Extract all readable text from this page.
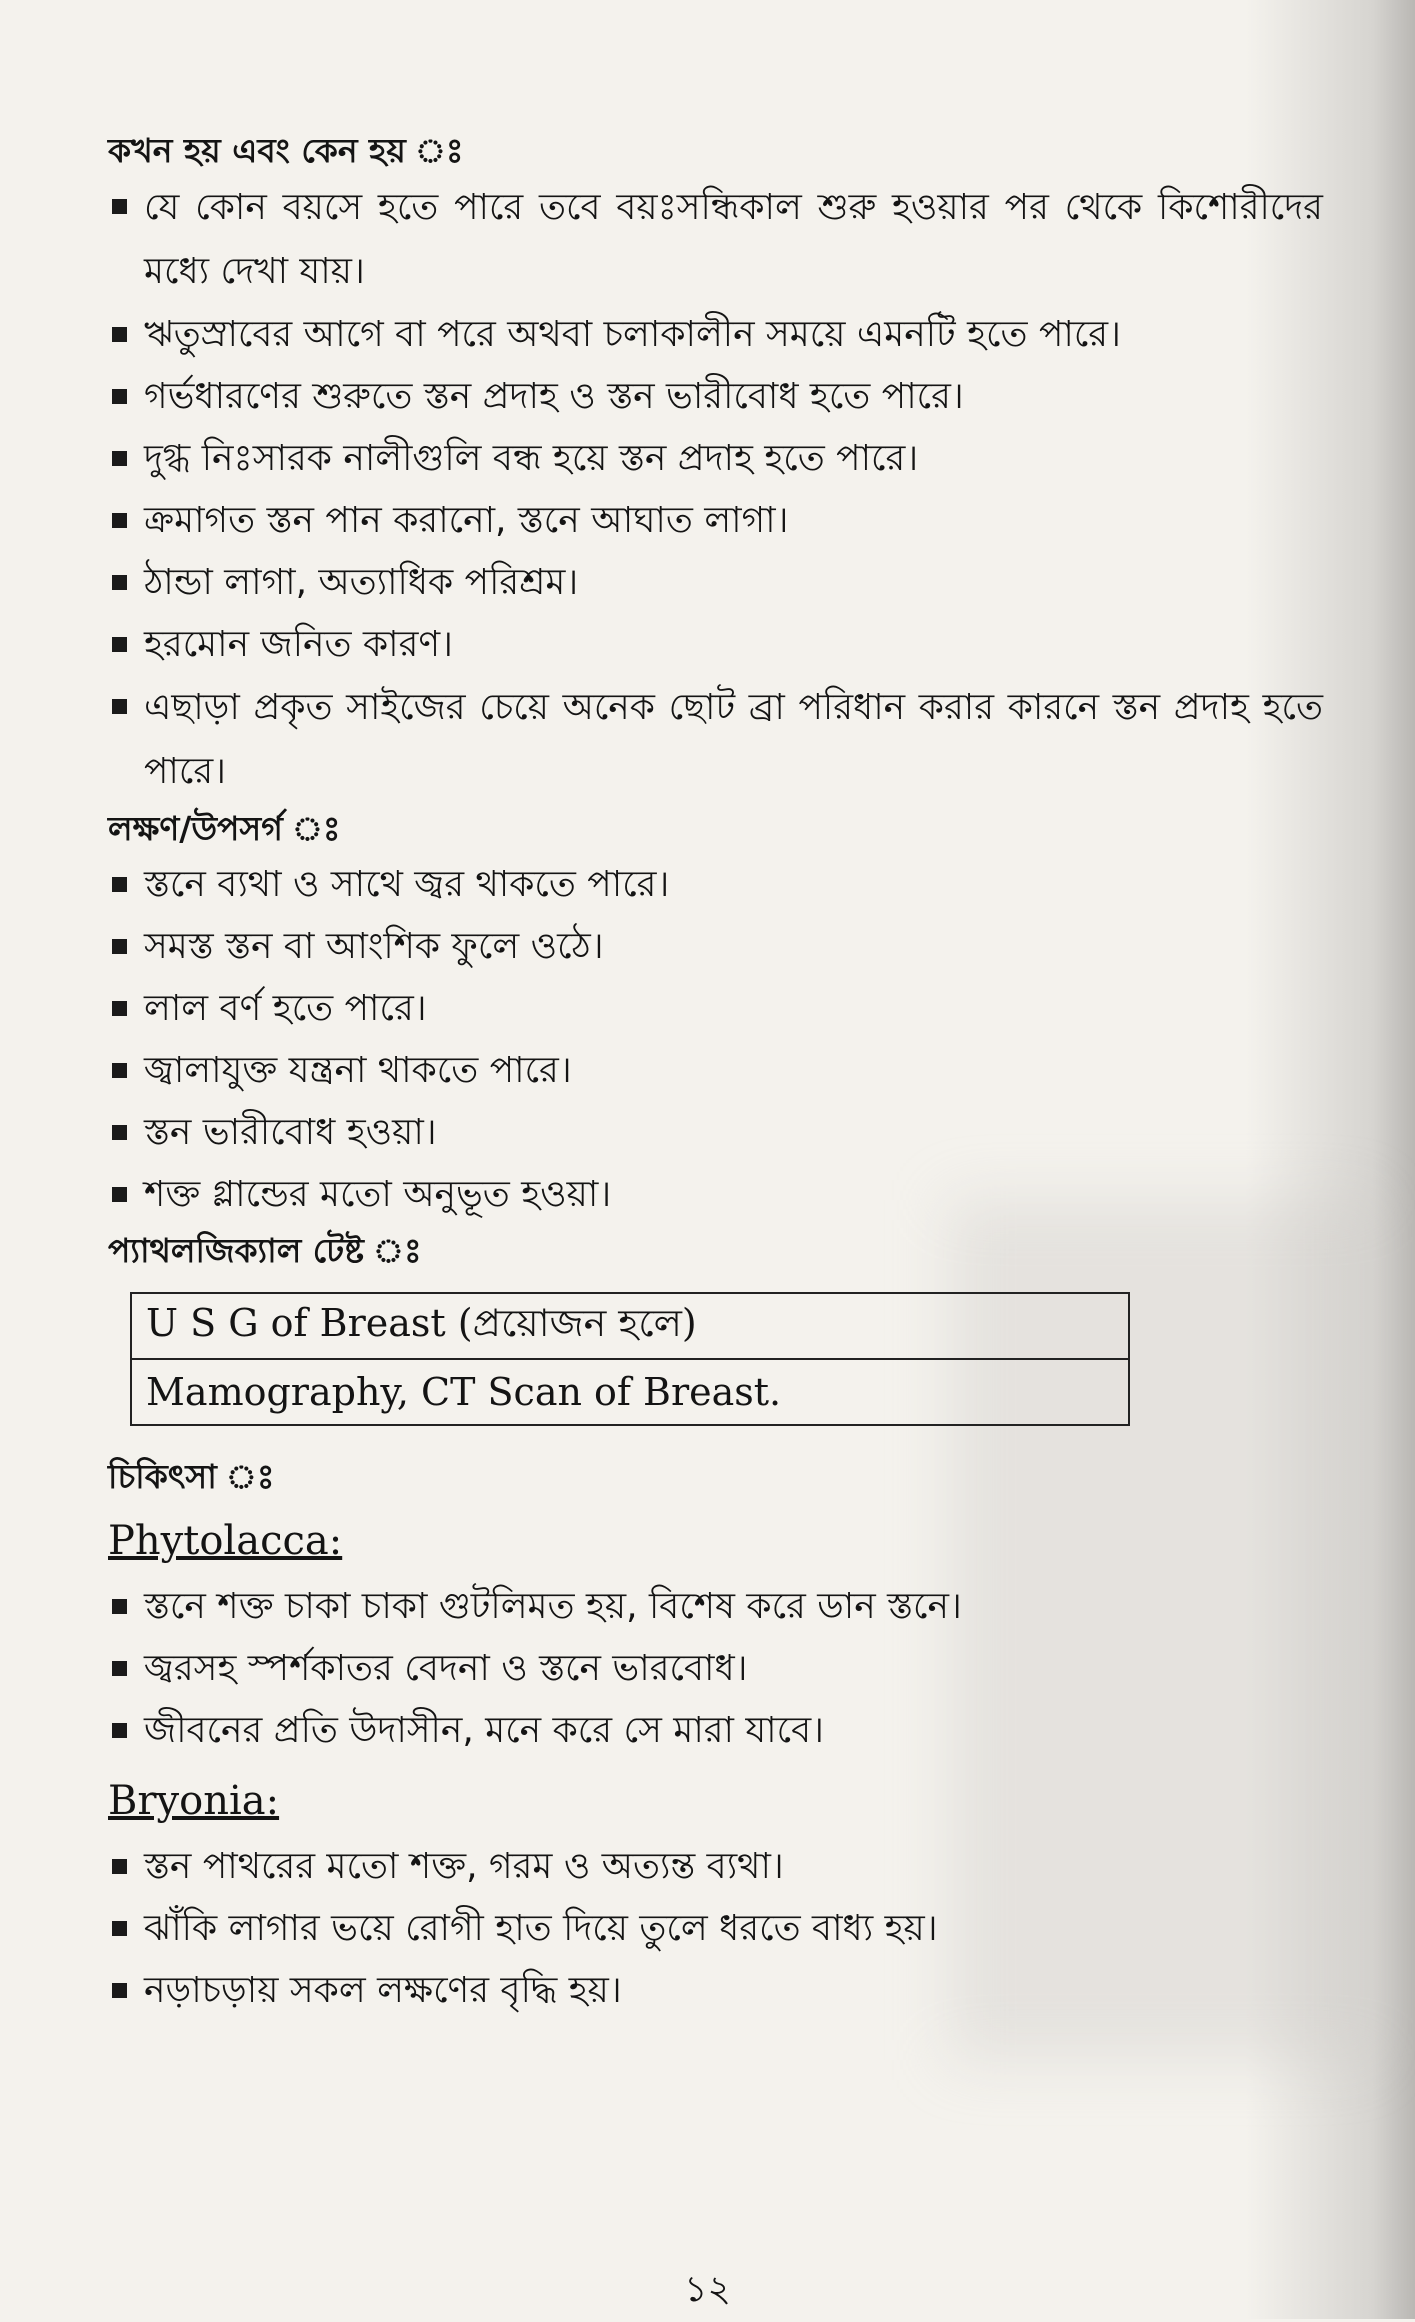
কখন হয় এবং কেন হয় ঃ

যে কোন বয়সে হতে পারে তবে বয়ঃসন্ধিকাল শুরু হওয়ার পর থেকে কিশোরীদের মধ্যে দেখা যায়।
ঋতুস্রাবের আগে বা পরে অথবা চলাকালীন সময়ে এমনটি হতে পারে।
গর্ভধারণের শুরুতে স্তন প্রদাহ ও স্তন ভারীবোধ হতে পারে।
দুগ্ধ নিঃসারক নালীগুলি বন্ধ হয়ে স্তন প্রদাহ হতে পারে।
ক্রমাগত স্তন পান করানো, স্তনে আঘাত লাগা।
ঠান্ডা লাগা, অত্যাধিক পরিশ্রম।
হরমোন জনিত কারণ।
এছাড়া প্রকৃত সাইজের চেয়ে অনেক ছোট ব্রা পরিধান করার কারনে স্তন প্রদাহ হতে পারে।

লক্ষণ/উপসর্গ ঃ

স্তনে ব্যথা ও সাথে জ্বর থাকতে পারে।
সমস্ত স্তন বা আংশিক ফুলে ওঠে।
লাল বর্ণ হতে পারে।
জ্বালাযুক্ত যন্ত্রনা থাকতে পারে।
স্তন ভারীবোধ হওয়া।
শক্ত গ্লান্ডের মতো অনুভূত হওয়া।

প্যাথলজিক্যাল টেষ্ট ঃ

U S G of Breast (প্রয়োজন হলে)
Mamography, CT Scan of Breast.

চিকিৎসা ঃ

Phytolacca:
স্তনে শক্ত চাকা চাকা গুটলিমত হয়, বিশেষ করে ডান স্তনে।
জ্বরসহ স্পর্শকাতর বেদনা ও স্তনে ভারবোধ।
জীবনের প্রতি উদাসীন, মনে করে সে মারা যাবে।
Bryonia:
স্তন পাথরের মতো শক্ত, গরম ও অত্যন্ত ব্যথা।
ঝাঁকি লাগার ভয়ে রোগী হাত দিয়ে তুলে ধরতে বাধ্য হয়।
নড়াচড়ায় সকল লক্ষণের বৃদ্ধি হয়।
১২
